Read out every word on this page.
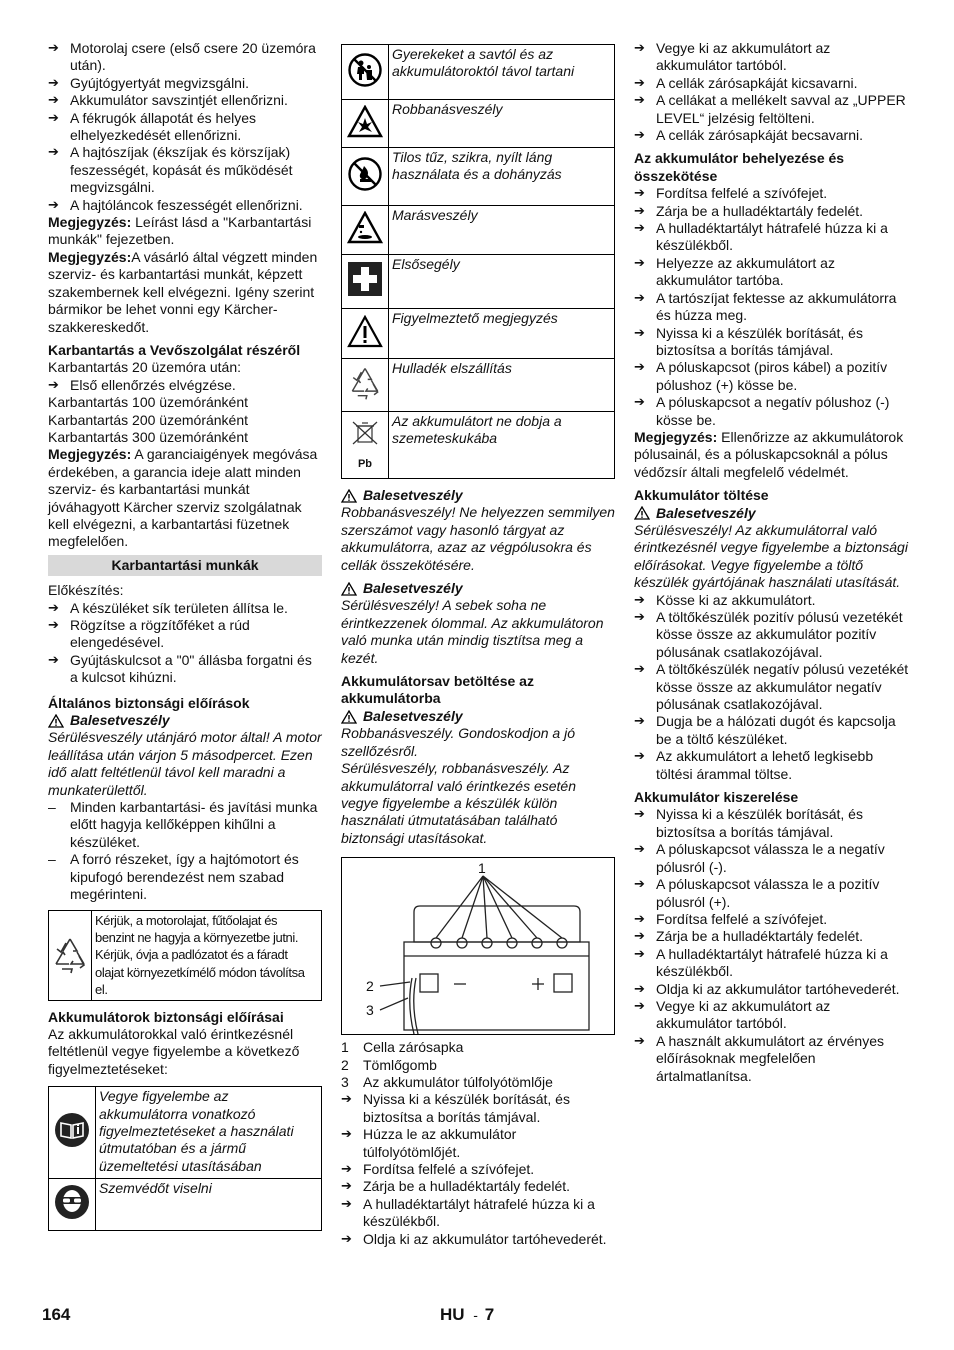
➔ Motorolaj csere (első csere 20 üzemóra után).
➔ Gyújtógyertyát megvizsgálni.
➔ Akkumulátor savszintjét ellenőrizni.
➔ A fékrugók állapotát és helyes elhelyezkedését ellenőrizni.
➔ A hajtószíjak (ékszíjak és körszíjak) feszességét, kopását és működését megvizsgálni.
➔ A hajtóláncok feszességét ellenőrizni.
Megjegyzés: Leírást lásd a "Karbantartási munkák" fejezetben.
Megjegyzés:A vásárló által végzett minden szerviz- és karbantartási munkát, képzett szakembernek kell elvégezni. Igény szerint bármikor be lehet vonni egy Kärcher-szakkereskedőt.
Karbantartás a Vevőszolgálat részéről
Karbantartás 20 üzemóra után:
➔ Első ellenőrzés elvégzése.
Karbantartás 100 üzemóránként
Karbantartás 200 üzemóránként
Karbantartás 300 üzemóránként
Megjegyzés: A garanciaigények megóvása érdekében, a garancia ideje alatt minden szerviz- és karbantartási munkát jóváhagyott Kärcher szerviz szolgálatnak kell elvégezni, a karbantartási füzetnek megfelelően.
Karbantartási munkák
Előkészítés:
➔ A készüléket sík területen állítsa le.
➔ Rögzítse a rögzítőféket a rúd elengedésével.
➔ Gyújtáskulcsot a "0" állásba forgatni és a kulcsot kihúzni.
Általános biztonsági előírások
Balesetveszély
Sérülésveszély utánjáró motor által! A motor leállítása után várjon 5 másodpercet. Ezen idő alatt feltétlenül távol kell maradni a munkaterülettől.
– Minden karbantartási- és javítási munka előtt hagyja kellőképpen kihűlni a készüléket.
– A forró részeket, így a hajtómotort és kipufogó berendezést nem szabad megérinteni.
Kérjük, a motorolajat, fűtőolajat és benzint ne hagyja a környezetbe jutni. Kérjük, óvja a padlózatot és a fáradt olajat környezetkímélő módon távolítsa el.
Akkumulátorok biztonsági előírásai
Az akkumulátorokkal való érintkezésnél feltétlenül vegye figyelembe a következő figyelmeztetéseket:
	Vegye figyelembe az akkumulátorra vonatkozó figyelmeztetéseket a használati útmutatóban és a jármű üzemeltetési utasításában
	Szemvédőt viselni
	Gyerekeket a savtól és az akkumulátoroktól távol tartani
	Robbanásveszély
	Tilos tűz, szikra, nyílt láng használata és a dohányzás
	Marásveszély
	Elsősegély
	Figyelmeztető megjegyzés
	Hulladék elszállítás

Pb	Az akkumulátort ne dobja a szemeteskukába
Balesetveszély
Robbanásveszély! Ne helyezzen semmilyen szerszámot vagy hasonló tárgyat az akkumulátorra, azaz az végpólusokra és cellák összekötésére.
Balesetveszély
Sérülésveszély! A sebek soha ne érintkezzenek ólommal. Az akkumulátoron való munka után mindig tisztítsa meg a kezét.
Akkumulátorsav betöltése az akkumulátorba
Balesetveszély
Robbanásveszély. Gondoskodjon a jó szellőzésről.
Sérülésveszély, robbanásveszély. Az akkumulátorral való érintkezés esetén vegye figyelembe a készülék külön használati útmutatásában található biztonsági utasításokat.
1
2
3
1	Cella zárósapka
2	Tömlőgomb
3	Az akkumulátor túlfolyótömlője
➔ Nyissa ki a készülék borítását, és biztosítsa a borítás támjával.
➔ Húzza le az akkumulátor túlfolyótömlőjét.
➔ Fordítsa felfelé a szívófejet.
➔ Zárja be a hulladéktartály fedelét.
➔ A hulladéktartályt hátrafelé húzza ki a készülékből.
➔ Oldja ki az akkumulátor tartóhevederét.
➔ Vegye ki az akkumulátort az akkumulátor tartóból.
➔ A cellák zárósapkáját kicsavarni.
➔ A cellákat a mellékelt savval az „UPPER LEVEL“ jelzésig feltölteni.
➔ A cellák zárósapkáját becsavarni.
Az akkumulátor behelyezése és összekötése
➔ Fordítsa felfelé a szívófejet.
➔ Zárja be a hulladéktartály fedelét.
➔ A hulladéktartályt hátrafelé húzza ki a készülékből.
➔ Helyezze az akkumulátort az akkumulátor tartóba.
➔ A tartószíjat fektesse az akkumulátorra és húzza meg.
➔ Nyissa ki a készülék borítását, és biztosítsa a borítás támjával.
➔ A póluskapcsot (piros kábel) a pozitív pólushoz (+) kösse be.
➔ A póluskapcsot a negatív pólushoz (-) kösse be.
Megjegyzés: Ellenőrizze az akkumulátorok pólusainál, és a póluskapcsoknál a pólus védőzsír általi megfelelő védelmét.
Akkumulátor töltése
Balesetveszély
Sérülésveszély! Az akkumulátorral való érintkezésnél vegye figyelembe a biztonsági előírásokat. Vegye figyelembe a töltő készülék gyártójának használati utasítását.
➔ Kösse ki az akkumulátort.
➔ A töltőkészülék pozitív pólusú vezetékét kösse össze az akkumulátor pozitív pólusának csatlakozójával.
➔ A töltőkészülék negatív pólusú vezetékét kösse össze az akkumulátor negatív pólusának csatlakozójával.
➔ Dugja be a hálózati dugót és kapcsolja be a töltő készüléket.
➔ Az akkumulátort a lehető legkisebb töltési árammal töltse.
Akkumulátor kiszerelése
➔ Nyissa ki a készülék borítását, és biztosítsa a borítás támjával.
➔ A póluskapcsot válassza le a negatív pólusról (-).
➔ A póluskapcsot válassza le a pozitív pólusról (+).
➔ Fordítsa felfelé a szívófejet.
➔ Zárja be a hulladéktartály fedelét.
➔ A hulladéktartályt hátrafelé húzza ki a készülékből.
➔ Oldja ki az akkumulátor tartóhevederét.
➔ Vegye ki az akkumulátort az akkumulátor tartóból.
➔ A használt akkumulátort az érvényes előírásoknak megfelelően ártalmatlanítsa.
164	HU - 7
